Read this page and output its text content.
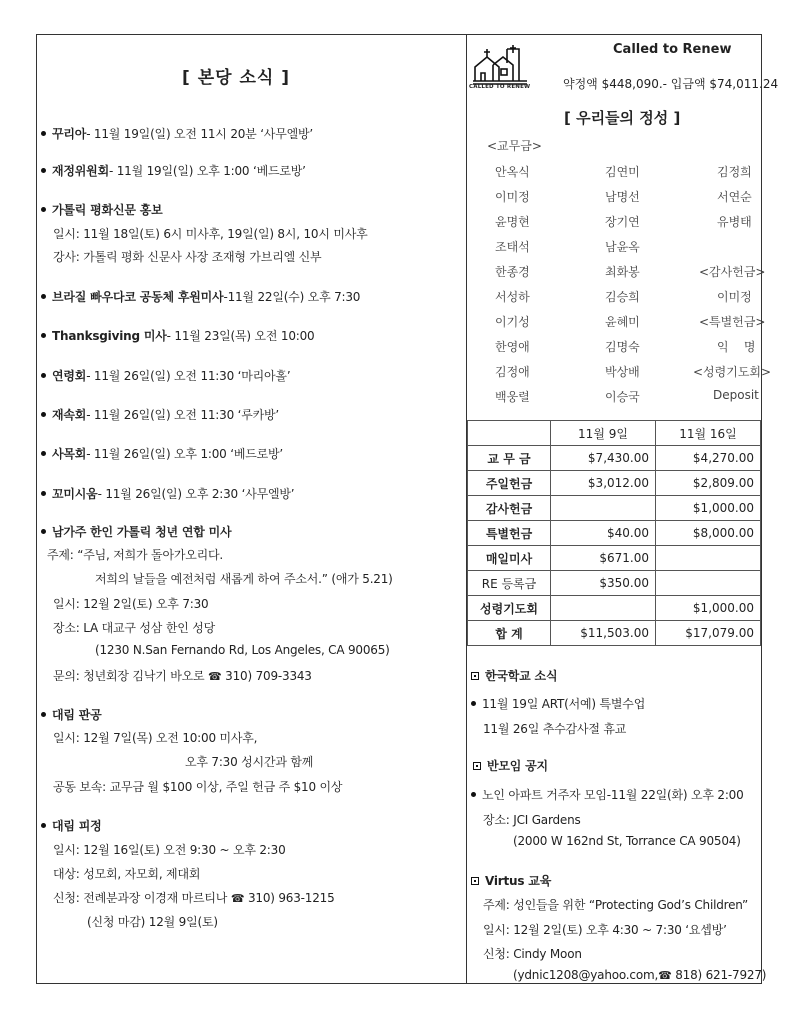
[ 본당 소식 ]
꾸리아- 11월 19일(일) 오전 11시 20분 ‘사무엘방’
재정위원회- 11월 19일(일) 오후 1:00 ‘베드로방’
가톨릭 평화신문 홍보
일시: 11월 18일(토) 6시 미사후, 19일(일) 8시, 10시 미사후
강사: 가톨릭 평화 신문사 사장 조재형 가브리엘 신부
브라질 빠우다코 공동체 후원미사-11월 22일(수) 오후 7:30
Thanksgiving 미사- 11월 23일(목) 오전 10:00
연령회- 11월 26일(일) 오전 11:30 ‘마리아홀’
재속회- 11월 26일(일) 오전 11:30 ‘루카방’
사목회- 11월 26일(일) 오후 1:00 ‘베드로방’
꼬미시움- 11월 26일(일) 오후 2:30 ‘사무엘방’
남가주 한인 가톨릭 청년 연합 미사
주제: “주님, 저희가 돌아가오리다.
저희의 날들을 예전처럼 새롭게 하여 주소서.” (애가 5.21)
일시: 12월 2일(토) 오후 7:30
장소: LA 대교구 성삼 한인 성당
(1230 N.San Fernando Rd, Los Angeles, CA 90065)
문의: 청년회장 김낙기 바오로 ☎ 310) 709-3343
대림 판공
일시: 12월 7일(목) 오전 10:00 미사후,
오후 7:30 성시간과 함께
공동 보속: 교무금 월 $100 이상, 주일 헌금 주 $10 이상
대림 피정
일시: 12월 16일(토) 오전 9:30 ~ 오후 2:30
대상: 성모회, 자모회, 제대회
신청: 전례분과장 이경재 마르티나 ☎ 310) 963-1215
(신청 마감) 12월 9일(토)
CALLED TO RENEW
Called to Renew
약정액 $448,090.- 입금액 $74,011.24
[ 우리들의 정성 ]
<교무금>
안옥식	김연미	김정희
이미정	남명선	서연순
윤명현	장기연	유병태
조태석	남윤옥
한종경	최화봉	<감사헌금>
서성하	김승희	이미정
이기성	윤혜미	<특별헌금>
한영애	김명숙	익    명
김정애	박상배	<성령기도회>
백웅렬	이승국	Deposit
	11월 9일	11월 16일
교 무 금	$7,430.00	$4,270.00
주일헌금	$3,012.00	$2,809.00
감사헌금		$1,000.00
특별헌금	$40.00	$8,000.00
매일미사	$671.00	
RE 등록금	$350.00	
성령기도회		$1,000.00
합 계	$11,503.00	$17,079.00
한국학교 소식
11월 19일 ART(서예) 특별수업
11월 26일 추수감사절 휴교
반모임 공지
노인 아파트 거주자 모임-11월 22일(화) 오후 2:00
장소: JCI Gardens
(2000 W 162nd St, Torrance CA 90504)
Virtus 교육
주제: 성인들을 위한 “Protecting God’s Children”
일시: 12월 2일(토) 오후 4:30 ~ 7:30 ‘요셉방’
신청: Cindy Moon
(ydnic1208@yahoo.com,☎ 818) 621-7927)
